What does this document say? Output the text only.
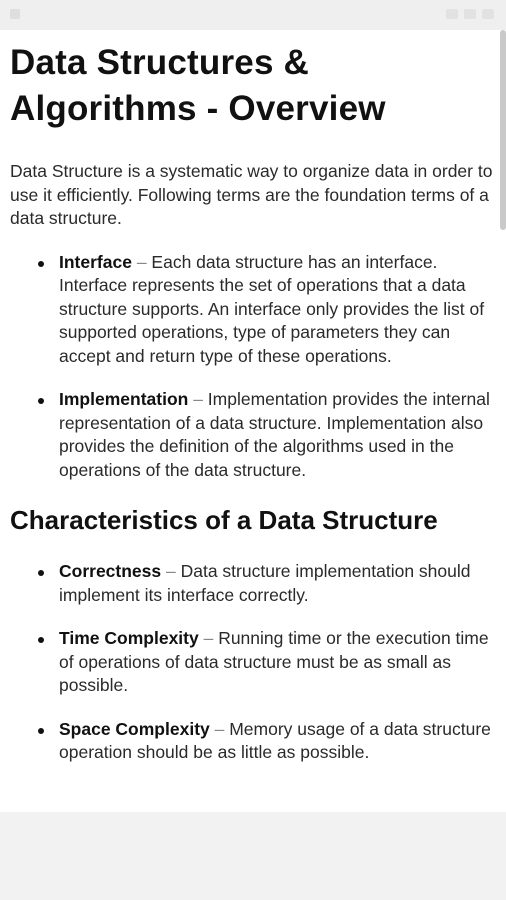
Data Structures & Algorithms - Overview

Data Structure is a systematic way to organize data in order to use it efficiently. Following terms are the foundation terms of a data structure.

Interface – Each data structure has an interface. Interface represents the set of operations that a data structure supports. An interface only provides the list of supported operations, type of parameters they can accept and return type of these operations.
Implementation – Implementation provides the internal representation of a data structure. Implementation also provides the definition of the algorithms used in the operations of the data structure.
Characteristics of a Data Structure
Correctness – Data structure implementation should implement its interface correctly.
Time Complexity – Running time or the execution time of operations of data structure must be as small as possible.
Space Complexity – Memory usage of a data structure operation should be as little as possible.
